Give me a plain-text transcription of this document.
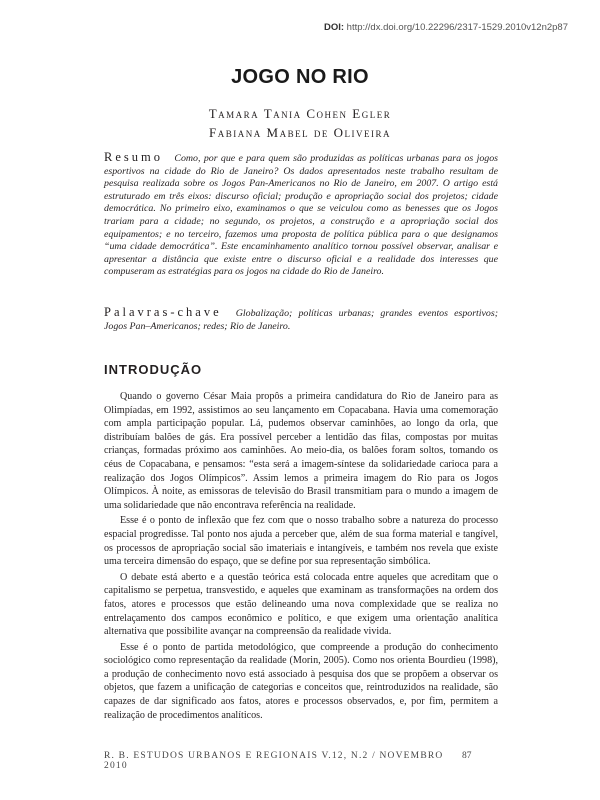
DOI: http://dx.doi.org/10.22296/2317-1529.2010v12n2p87
JOGO NO RIO
Tamara Tania Cohen Egler
Fabiana Mabel de Oliveira
Resumo Como, por que e para quem são produzidas as políticas urbanas para os jogos esportivos na cidade do Rio de Janeiro? Os dados apresentados neste trabalho resultam de pesquisa realizada sobre os Jogos Pan-Americanos no Rio de Janeiro, em 2007. O artigo está estruturado em três eixos: discurso oficial; produção e apropriação social dos projetos; cidade democrática. No primeiro eixo, examinamos o que se veiculou como as benesses que os Jogos trariam para a cidade; no segundo, os projetos, a construção e a apropriação social dos equipamentos; e no terceiro, fazemos uma proposta de política pública para o que designamos “uma cidade democrática”. Este encaminhamento analítico tornou possível observar, analisar e apresentar a distância que existe entre o discurso oficial e a realidade dos interesses que compuseram as estratégias para os jogos na cidade do Rio de Janeiro.
Palavras-chave Globalização; políticas urbanas; grandes eventos esportivos; Jogos Pan–Americanos; redes; Rio de Janeiro.
INTRODUÇÃO

Quando o governo César Maia propôs a primeira candidatura do Rio de Janeiro para as Olimpíadas, em 1992, assistimos ao seu lançamento em Copacabana. Havia uma comemoração com ampla participação popular. Lá, pudemos observar caminhões, ao longo da orla, que distribuíam balões de gás. Era possível perceber a lentidão das filas, compostas por muitas crianças, formadas próximo aos caminhões. Ao meio-dia, os balões foram soltos, tomando os céus de Copacabana, e pensamos: “esta será a imagem-síntese da solidariedade carioca para a realização dos Jogos Olímpicos”. Assim lemos a primeira imagem do Rio para os Jogos Olímpicos. À noite, as emissoras de televisão do Brasil transmitiam para o mundo a imagem de uma solidariedade que não encontrava referência na realidade.

Esse é o ponto de inflexão que fez com que o nosso trabalho sobre a natureza do processo espacial progredisse. Tal ponto nos ajuda a perceber que, além de sua forma material e tangível, os processos de apropriação social são imateriais e intangíveis, e também nos revela que existe uma terceira dimensão do espaço, que se define por sua representação simbólica.

O debate está aberto e a questão teórica está colocada entre aqueles que acreditam que o capitalismo se perpetua, transvestido, e aqueles que examinam as transformações na ordem dos fatos, atores e processos que estão delineando uma nova complexidade que se realiza no entrelaçamento dos campos econômico e político, e que exigem uma orientação analítica alternativa que possibilite avançar na compreensão da realidade vivida.

Esse é o ponto de partida metodológico, que compreende a produção do conhecimento sociológico como representação da realidade (Morin, 2005). Como nos orienta Bourdieu (1998), a produção de conhecimento novo está associado à pesquisa dos que se propõem a observar os objetos, que fazem a unificação de categorias e conceitos que, reintroduzidos na realidade, são capazes de dar significado aos fatos, atores e processos observados, e, por fim, permitem a realização de procedimentos analíticos.

R. B. ESTUDOS URBANOS E REGIONAIS V.12, N.2 / NOVEMBRO 2010
87
